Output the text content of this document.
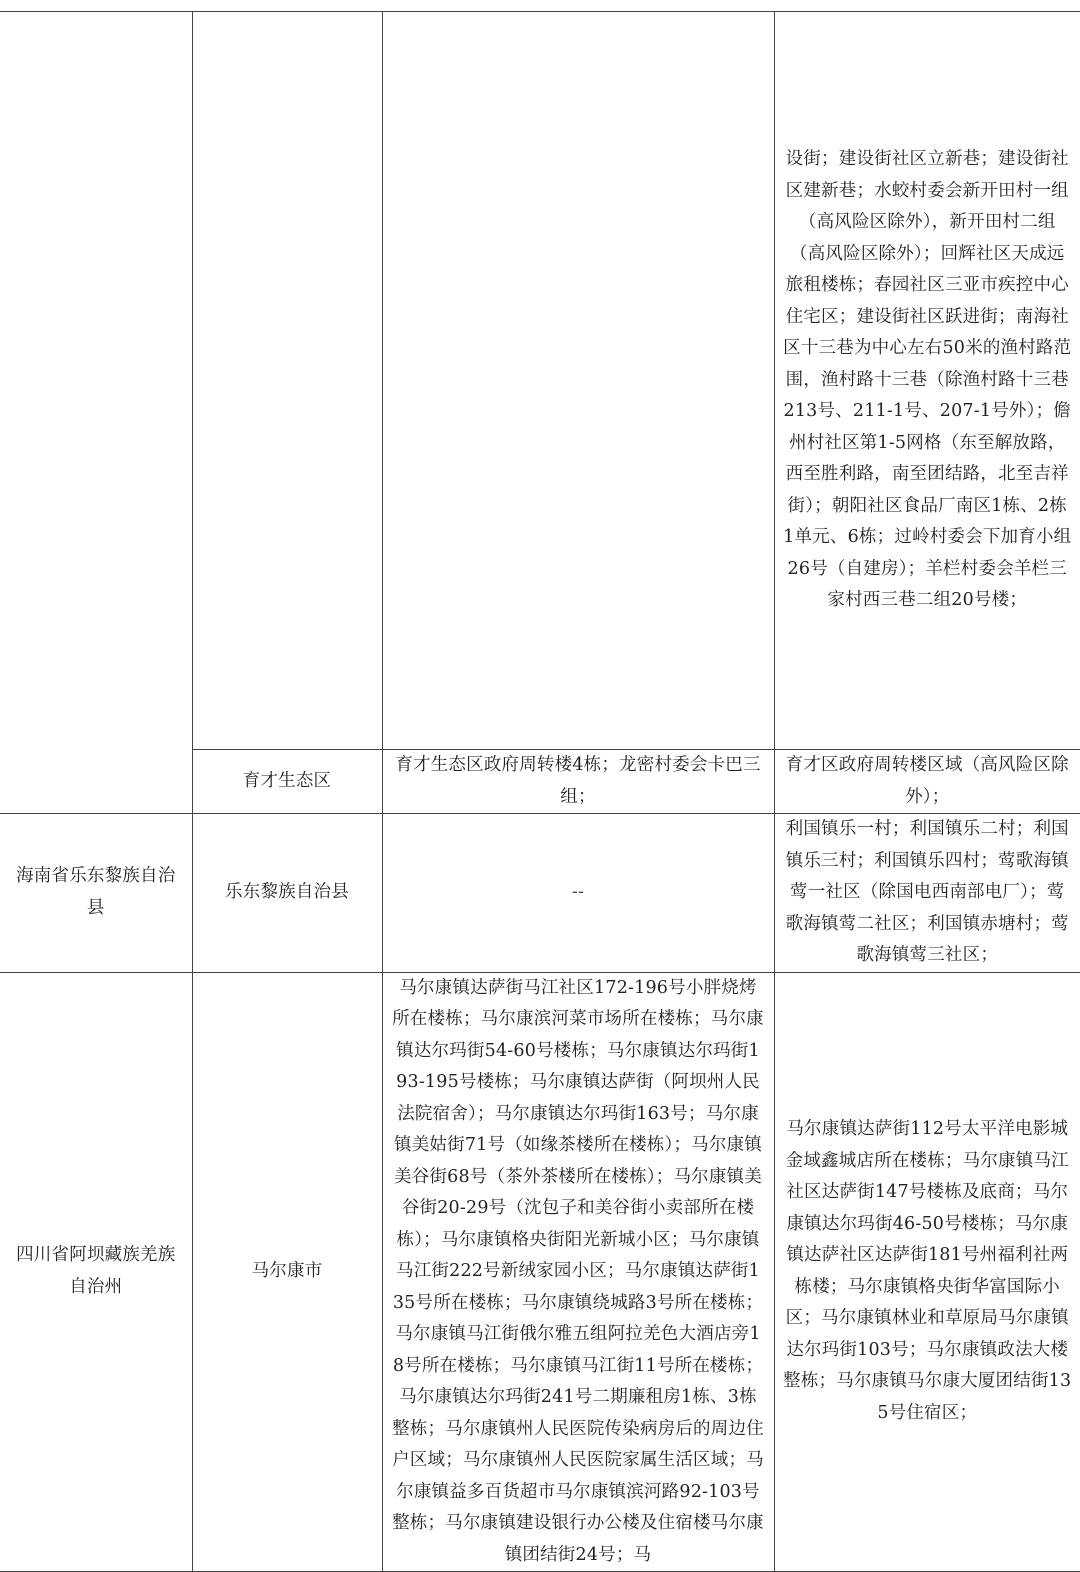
			设街；建设街社区立新巷；建设街社区建新巷；水蛟村委会新开田村一组（高风险区除外），新开田村二组（高风险区除外）；回辉社区天成远旅租楼栋；春园社区三亚市疾控中心住宅区；建设街社区跃进街；南海社区十三巷为中心左右50米的渔村路范围，渔村路十三巷（除渔村路十三巷213号、211-1号、207-1号外）；儋州村社区第1-5网格（东至解放路，西至胜利路，南至团结路，北至吉祥街）；朝阳社区食品厂南区1栋、2栋1单元、6栋；过岭村委会下加育小组26号（自建房）；羊栏村委会羊栏三家村西三巷二组20号楼；
	育才生态区	育才生态区政府周转楼4栋；龙密村委会卡巴三组；	育才区政府周转楼区域（高风险区除外）；
海南省乐东黎族自治县	乐东黎族自治县	--	利国镇乐一村；利国镇乐二村；利国镇乐三村；利国镇乐四村；莺歌海镇莺一社区（除国电西南部电厂）；莺歌海镇莺二社区；利国镇赤塘村；莺歌海镇莺三社区；
四川省阿坝藏族羌族自治州	马尔康市	马尔康镇达萨街马江社区172-196号小胖烧烤所在楼栋；马尔康滨河菜市场所在楼栋；马尔康镇达尔玛街54-60号楼栋；马尔康镇达尔玛街193-195号楼栋；马尔康镇达萨街（阿坝州人民法院宿舍）；马尔康镇达尔玛街163号；马尔康镇美姑街71号（如缘茶楼所在楼栋）；马尔康镇美谷街68号（茶外茶楼所在楼栋）；马尔康镇美谷街20-29号（沈包子和美谷街小卖部所在楼栋）；马尔康镇格央街阳光新城小区；马尔康镇马江街222号新绒家园小区；马尔康镇达萨街135号所在楼栋；马尔康镇绕城路3号所在楼栋；马尔康镇马江街俄尔雅五组阿拉羌色大酒店旁18号所在楼栋；马尔康镇马江街11号所在楼栋；马尔康镇达尔玛街241号二期廉租房1栋、3栋整栋；马尔康镇州人民医院传染病房后的周边住户区域；马尔康镇州人民医院家属生活区域；马尔康镇益多百货超市马尔康镇滨河路92-103号整栋；马尔康镇建设银行办公楼及住宿楼马尔康镇团结街24号；马	马尔康镇达萨街112号太平洋电影城金域鑫城店所在楼栋；马尔康镇马江社区达萨街147号楼栋及底商；马尔康镇达尔玛街46-50号楼栋；马尔康镇达萨社区达萨街181号州福利社两栋楼；马尔康镇格央街华富国际小区；马尔康镇林业和草原局马尔康镇达尔玛街103号；马尔康镇政法大楼整栋；马尔康镇马尔康大厦团结街135号住宿区；
